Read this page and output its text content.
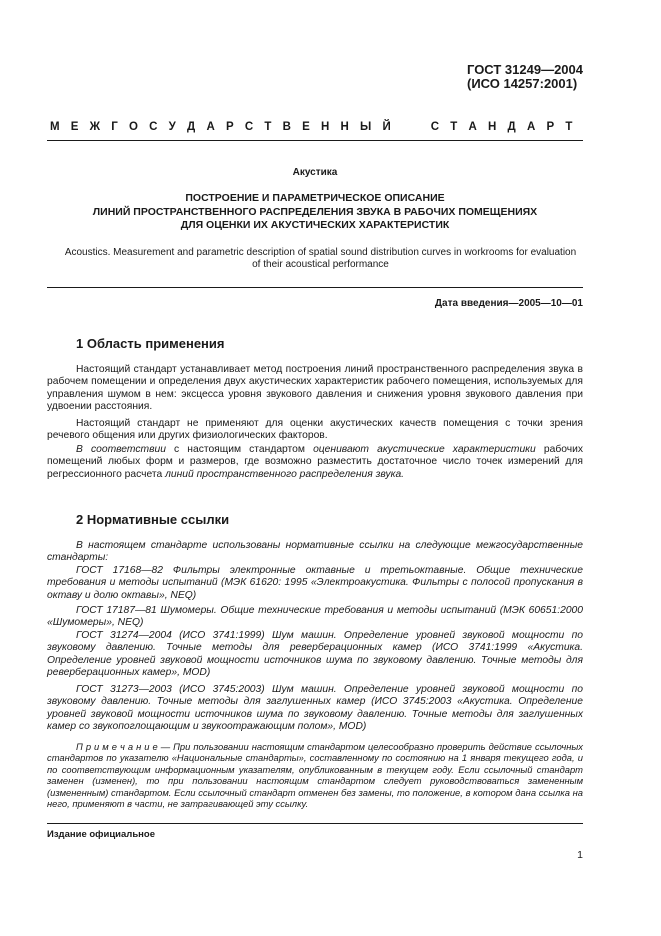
ГОСТ 31249—2004
(ИСО 14257:2001)
М Е Ж Г О С У Д А Р С Т В Е Н Н Ы Й

	С Т А Н Д А Р Т
Акустика
ПОСТРОЕНИЕ И ПАРАМЕТРИЧЕСКОЕ ОПИСАНИЕ
ЛИНИЙ ПРОСТРАНСТВЕННОГО РАСПРЕДЕЛЕНИЯ ЗВУКА В РАБОЧИХ ПОМЕЩЕНИЯХ
ДЛЯ ОЦЕНКИ ИХ АКУСТИЧЕСКИХ ХАРАКТЕРИСТИК
Acoustics. Measurement and parametric description of spatial sound distribution curves in workrooms for evaluation of their acoustical performance
Дата введения—2005—10—01
1 Область применения
Настоящий стандарт устанавливает метод построения линий пространственного распределения звука в рабочем помещении и определения двух акустических характеристик рабочего помещения, используемых для управления шумом в нем: эксцесса уровня звукового давления и снижения уровня звукового давления при удвоении расстояния.
Настоящий стандарт не применяют для оценки акустических качеств помещения с точки зрения речевого общения или других физиологических факторов.
В соответствии с настоящим стандартом оценивают акустические характеристики рабочих помещений любых форм и размеров, где возможно разместить достаточное число точек измерений для регрессионного расчета линий пространственного распределения звука.
2 Нормативные ссылки
В настоящем стандарте использованы нормативные ссылки на следующие межгосударственные стандарты:
ГОСТ 17168—82 Фильтры электронные октавные и третьоктавные. Общие технические требования и методы испытаний (МЭК 61620: 1995 «Электроакустика. Фильтры с полосой пропускания в октаву и долю октавы», NEQ)
ГОСТ 17187—81 Шумомеры. Общие технические требования и методы испытаний (МЭК 60651:2000 «Шумомеры», NEQ)
ГОСТ 31274—2004 (ИСО 3741:1999) Шум машин. Определение уровней звуковой мощности по звуковому давлению. Точные методы для реверберационных камер (ИСО 3741:1999 «Акустика. Определение уровней звуковой мощности источников шума по звуковому давлению. Точные методы для реверберационных камер», MOD)
ГОСТ 31273—2003 (ИСО 3745:2003) Шум машин. Определение уровней звуковой мощности по звуковому давлению. Точные методы для заглушенных камер (ИСО 3745:2003 «Акустика. Определение уровней звуковой мощности источников шума по звуковому давлению. Точные методы для заглушенных камер со звукопоглощающим и звукоотражающим полом», MOD)
П р и м е ч а н и е — При пользовании настоящим стандартом целесообразно проверить действие ссылочных стандартов по указателю «Национальные стандарты», составленному по состоянию на 1 января текущего года, и по соответствующим информационным указателям, опубликованным в текущем году. Если ссылочный стандарт заменен (изменен), то при пользовании настоящим стандартом следует руководствоваться замененным (измененным) стандартом. Если ссылочный стандарт отменен без замены, то положение, в котором дана ссылка на него, применяют в части, не затрагивающей эту ссылку.
Издание официальное
1
